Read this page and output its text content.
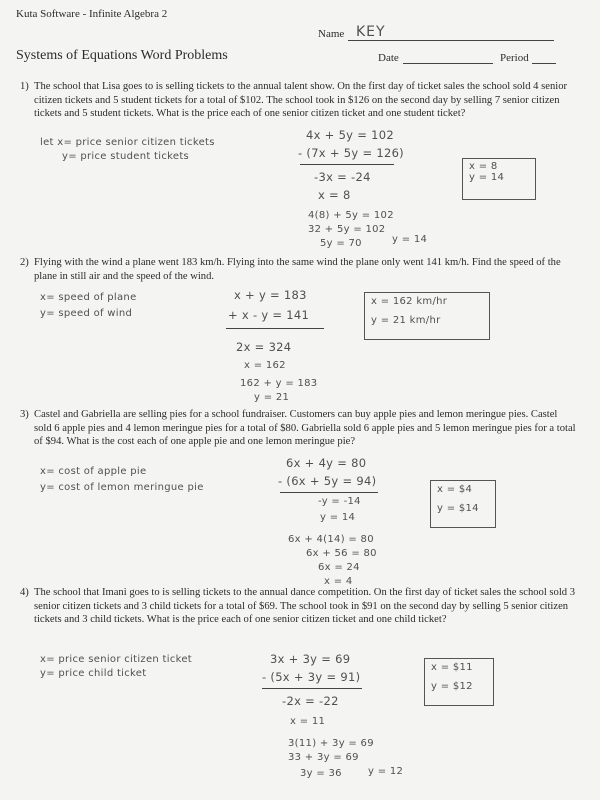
Kuta Software - Infinite Algebra 2
Name KEY
Systems of Equations Word Problems	Date	Period
1) The school that Lisa goes to is selling tickets to the annual talent show. On the first day of ticket sales the school sold 4 senior citizen tickets and 5 student tickets for a total of $102. The school took in $126 on the second day by selling 7 senior citizen tickets and 5 student tickets. What is the price each of one senior citizen ticket and one student ticket?
let x= price senior citizen tickets
y= price student tickets
4x + 5y = 102
- (7x + 5y = 126)
-3x = -24
x = 8
4(8) + 5y = 102
32 + 5y = 102
5y = 70	y = 14
x = 8
y = 14
2) Flying with the wind a plane went 183 km/h. Flying into the same wind the plane only went 141 km/h. Find the speed of the plane in still air and the speed of the wind.
x= speed of plane
y= speed of wind
x + y = 183
+ x - y = 141
2x = 324
x = 162
162 + y = 183
y = 21
x = 162 km/hr
y = 21 km/hr
3) Castel and Gabriella are selling pies for a school fundraiser. Customers can buy apple pies and lemon meringue pies. Castel sold 6 apple pies and 4 lemon meringue pies for a total of $80. Gabriella sold 6 apple pies and 5 lemon meringue pies for a total of $94. What is the cost each of one apple pie and one lemon meringue pie?
x= cost of apple pie
y= cost of lemon meringue pie
6x + 4y = 80
- (6x + 5y = 94)
-y = -14
y = 14
6x + 4(14) = 80
6x + 56 = 80
6x = 24
x = 4
x = $4
y = $14
4) The school that Imani goes to is selling tickets to the annual dance competition. On the first day of ticket sales the school sold 3 senior citizen tickets and 3 child tickets for a total of $69. The school took in $91 on the second day by selling 5 senior citizen tickets and 3 child tickets. What is the price each of one senior citizen ticket and one child ticket?
x= price senior citizen ticket
y= price child ticket
3x + 3y = 69
- (5x + 3y = 91)
-2x = -22
x = 11
3(11) + 3y = 69
33 + 3y = 69
3y = 36	y = 12
x = $11
y = $12
